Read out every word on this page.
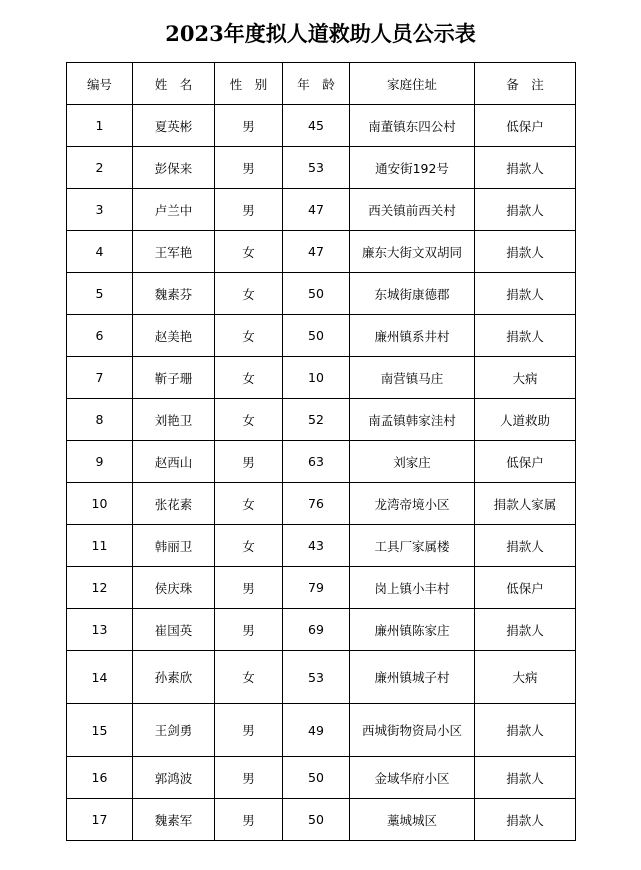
2023年度拟人道救助人员公示表
编号	姓　名	性　别	年　龄	家庭住址	备　注
1	夏英彬	男	45	南董镇东四公村	低保户
2	彭保来	男	53	通安街192号	捐款人
3	卢兰中	男	47	西关镇前西关村	捐款人
4	王军艳	女	47	廉东大街文双胡同	捐款人
5	魏素芬	女	50	东城街康德郡	捐款人
6	赵美艳	女	50	廉州镇系井村	捐款人
7	靳子珊	女	10	南营镇马庄	大病
8	刘艳卫	女	52	南孟镇韩家洼村	人道救助
9	赵西山	男	63	刘家庄	低保户
10	张花素	女	76	龙湾帝境小区	捐款人家属
11	韩丽卫	女	43	工具厂家属楼	捐款人
12	侯庆珠	男	79	岗上镇小丰村	低保户
13	崔国英	男	69	廉州镇陈家庄	捐款人
14	孙素欣	女	53	廉州镇城子村	大病
15	王剑勇	男	49	西城街物资局小区	捐款人
16	郭鸿波	男	50	金域华府小区	捐款人
17	魏素军	男	50	藁城城区	捐款人
